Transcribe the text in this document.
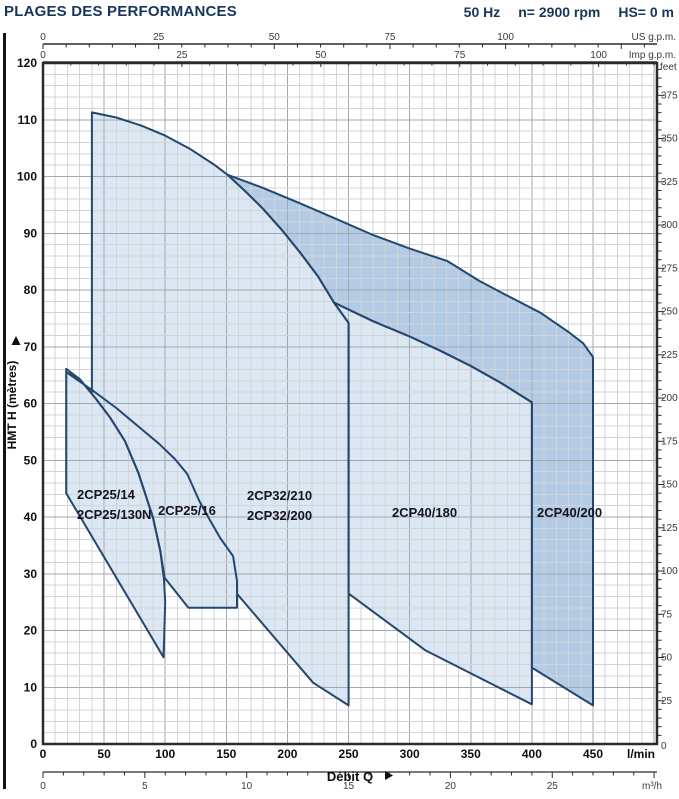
PLAGES DES PERFORMANCES	50 Hz n= 2900 rpm HS= 0 m
0	25	50	75	100	US g.p.m.
0	25	50	75	100 Imp g.p.m.
0	50	100	150	200	250	300	350	400	450 l/min
0	5	10	15	20	25	m³/h
0
10
20
30
40
50
60
70
80
90
100
110
120
0
25
50
75
100
125
150
175
200
225
250
275
300
325
350
375
feet
2CP32/210
2CP32/200	2CP40/180
2CP25/16
2CP25/14
2CP25/130N	2CP40/200
Débit Q
HMT H (mètres)
